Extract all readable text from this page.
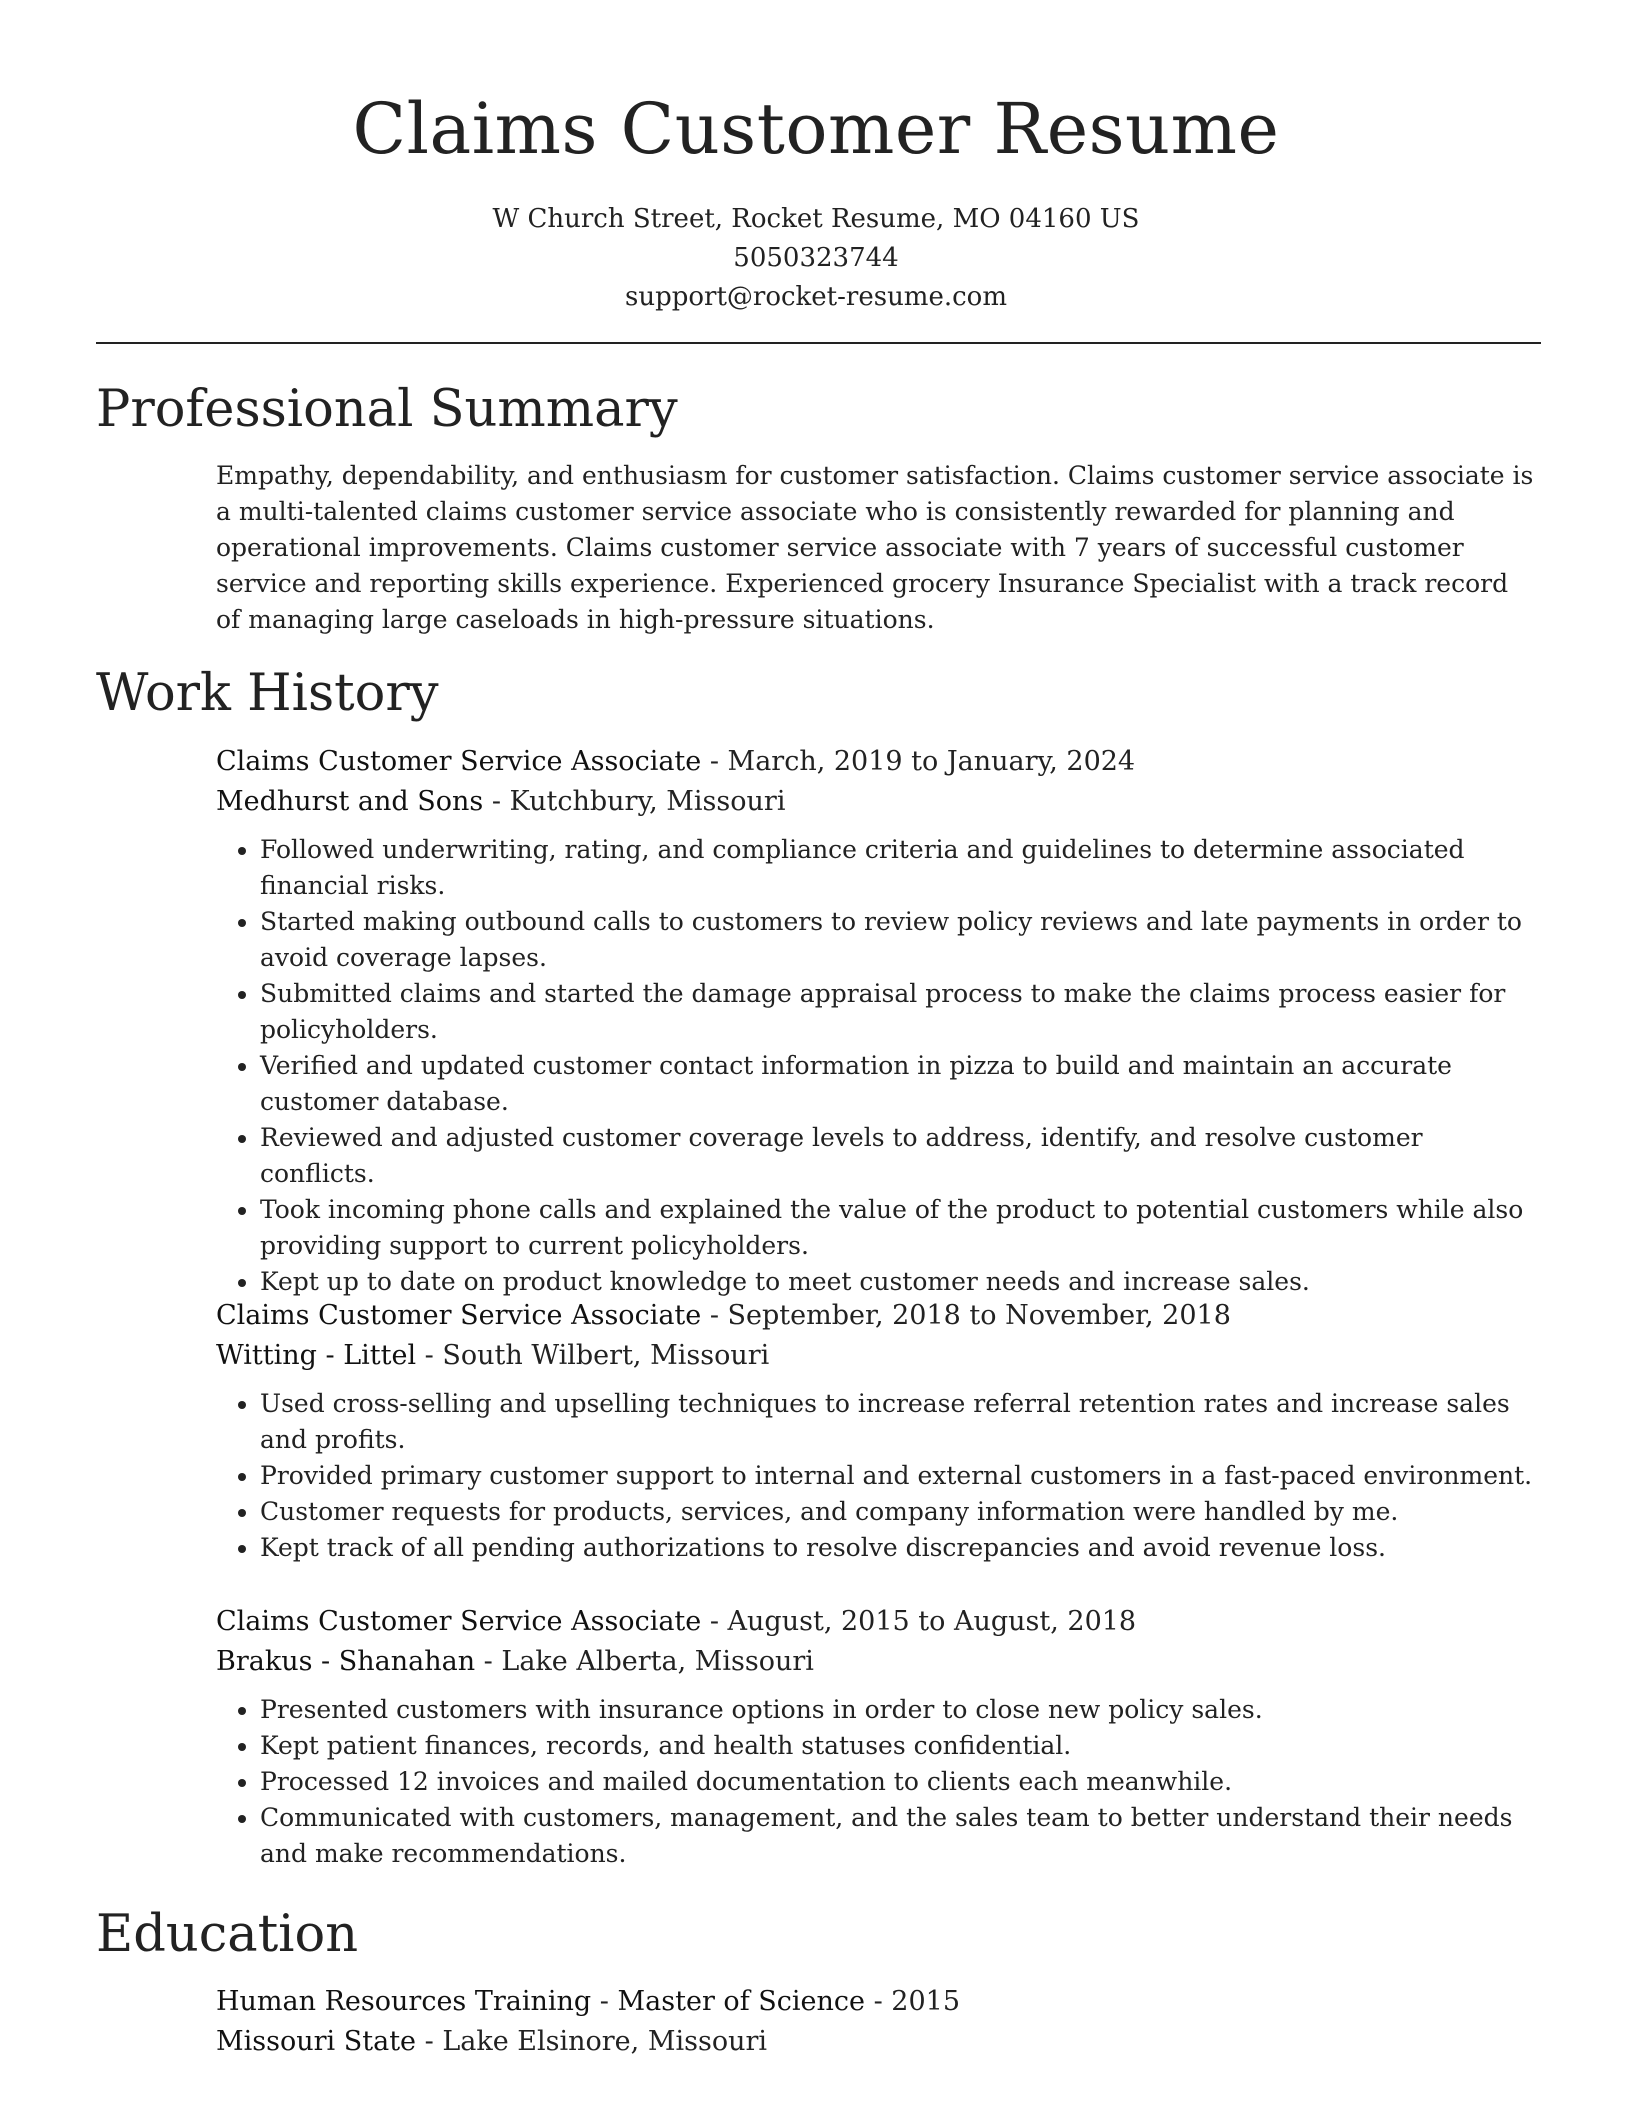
Claims Customer Resume
W Church Street, Rocket Resume, MO 04160 US
5050323744
support@rocket-resume.com
Professional Summary

Empathy, dependability, and enthusiasm for customer satisfaction. Claims customer service associate is a multi-talented claims customer service associate who is consistently rewarded for planning and operational improvements. Claims customer service associate with 7 years of successful customer service and reporting skills experience. Experienced grocery Insurance Specialist with a track record of managing large caseloads in high-pressure situations.

Work History
Claims Customer Service Associate - March, 2019 to January, 2024
Medhurst and Sons - Kutchbury, Missouri
• Followed underwriting, rating, and compliance criteria and guidelines to determine associated financial risks.
• Started making outbound calls to customers to review policy reviews and late payments in order to avoid coverage lapses.
• Submitted claims and started the damage appraisal process to make the claims process easier for policyholders.
• Verified and updated customer contact information in pizza to build and maintain an accurate customer database.
• Reviewed and adjusted customer coverage levels to address, identify, and resolve customer conflicts.
• Took incoming phone calls and explained the value of the product to potential customers while also providing support to current policyholders.
• Kept up to date on product knowledge to meet customer needs and increase sales.
Claims Customer Service Associate - September, 2018 to November, 2018
Witting - Littel - South Wilbert, Missouri
• Used cross-selling and upselling techniques to increase referral retention rates and increase sales and profits.
• Provided primary customer support to internal and external customers in a fast-paced environment.
• Customer requests for products, services, and company information were handled by me.
• Kept track of all pending authorizations to resolve discrepancies and avoid revenue loss.
Claims Customer Service Associate - August, 2015 to August, 2018
Brakus - Shanahan - Lake Alberta, Missouri
• Presented customers with insurance options in order to close new policy sales.
• Kept patient finances, records, and health statuses confidential.
• Processed 12 invoices and mailed documentation to clients each meanwhile.
• Communicated with customers, management, and the sales team to better understand their needs and make recommendations.
Education
Human Resources Training - Master of Science - 2015
Missouri State - Lake Elsinore, Missouri
